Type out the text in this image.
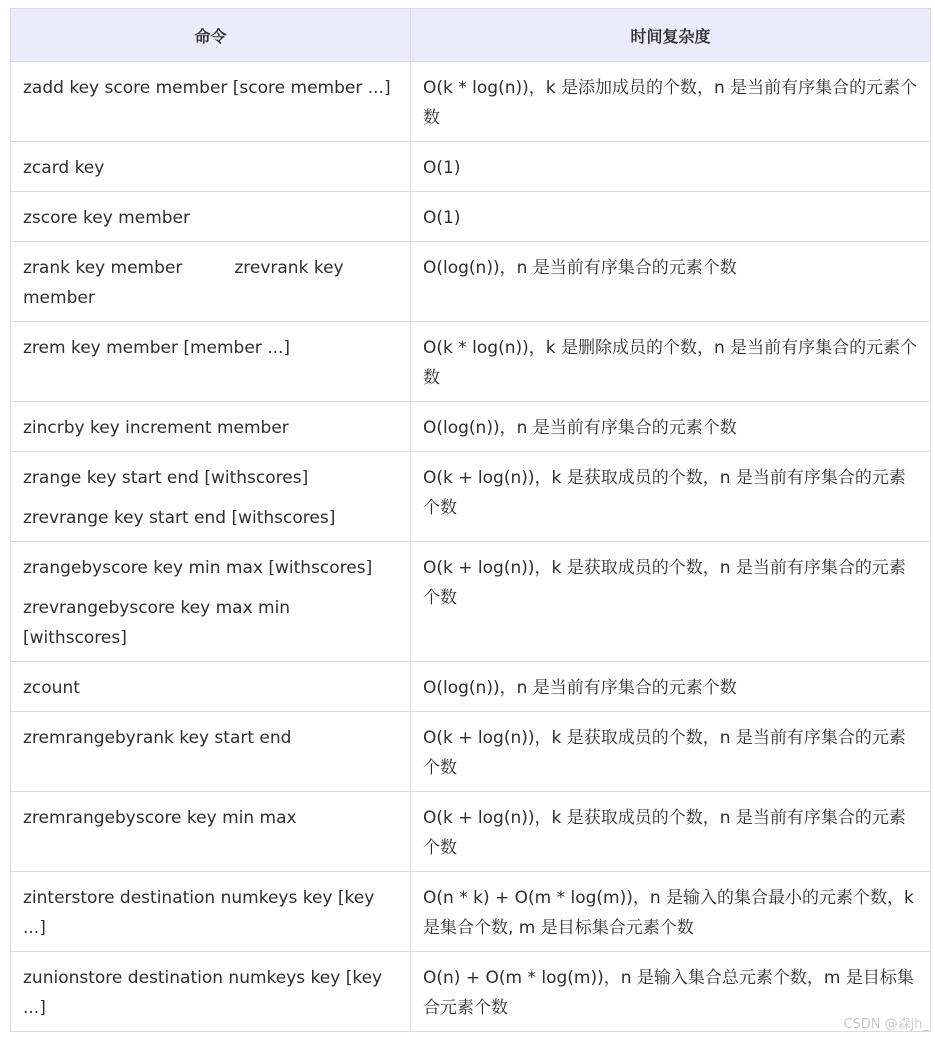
命令	时间复杂度

zadd key score member [score member ...]	O(k * log(n))，k 是添加成员的个数，n 是当前有序集合的元素个数

zcard key	O(1)

zscore key member	O(1)
zrank key member zrevrank key member	O(log(n))，n 是当前有序集合的元素个数

zrem key member [member ...]	O(k * log(n))，k 是删除成员的个数，n 是当前有序集合的元素个数

zincrby key increment member	O(log(n))，n 是当前有序集合的元素个数

zrange key start end [withscores]
zrevrange key start end [withscores]	O(k + log(n))，k 是获取成员的个数，n 是当前有序集合的元素个数

zrangebyscore key min max [withscores]
zrevrangebyscore key max min [withscores]	O(k + log(n))，k 是获取成员的个数，n 是当前有序集合的元素个数

zcount	O(log(n))，n 是当前有序集合的元素个数

zremrangebyrank key start end	O(k + log(n))，k 是获取成员的个数，n 是当前有序集合的元素个数

zremrangebyscore key min max	O(k + log(n))，k 是获取成员的个数，n 是当前有序集合的元素个数

zinterstore destination numkeys key [key ...]	O(n * k) + O(m * log(m))，n 是输入的集合最小的元素个数，k 是集合个数, m 是目标集合元素个数

zunionstore destination numkeys key [key ...]	O(n) + O(m * log(m))，n 是输入集合总元素个数，m 是目标集合元素个数
CSDN @森jh_
